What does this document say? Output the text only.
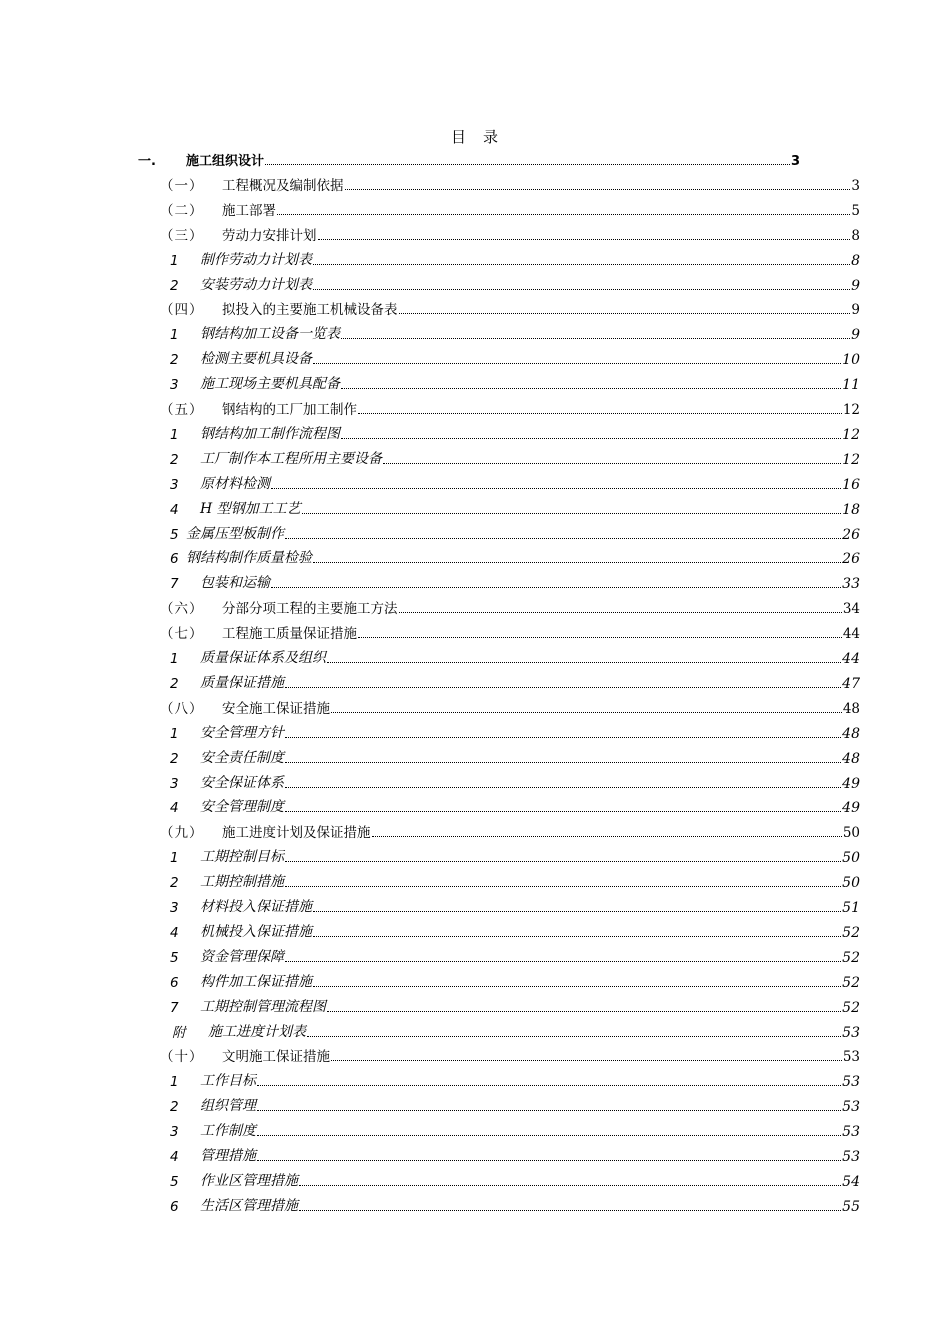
目　录
一.	施工组织设计	3
（一）	工程概况及编制依据	3
（二）	施工部署	5
（三）	劳动力安排计划	8
1	制作劳动力计划表	8
2	安装劳动力计划表	9
（四）	拟投入的主要施工机械设备表	9
1	钢结构加工设备一览表	9
2	检测主要机具设备	10
3	施工现场主要机具配备	11
（五）	钢结构的工厂加工制作	12
1	钢结构加工制作流程图	12
2	工厂制作本工程所用主要设备	12
3	原材料检测	16
4	H 型钢加工工艺	18
5 金属压型板制作	26
6 钢结构制作质量检验	26
7	包装和运输	33
（六）	分部分项工程的主要施工方法	34
（七）	工程施工质量保证措施	44
1	质量保证体系及组织	44
2	质量保证措施	47
（八）	安全施工保证措施	48
1	安全管理方针	48
2	安全责任制度	48
3	安全保证体系	49
4	安全管理制度	49
（九）	施工进度计划及保证措施	50
1	工期控制目标	50
2	工期控制措施	50
3	材料投入保证措施	51
4	机械投入保证措施	52
5	资金管理保障	52
6	构件加工保证措施	52
7	工期控制管理流程图	52
附	施工进度计划表	53
（十）	文明施工保证措施	53
1	工作目标	53
2	组织管理	53
3	工作制度	53
4	管理措施	53
5	作业区管理措施	54
6	生活区管理措施	55
